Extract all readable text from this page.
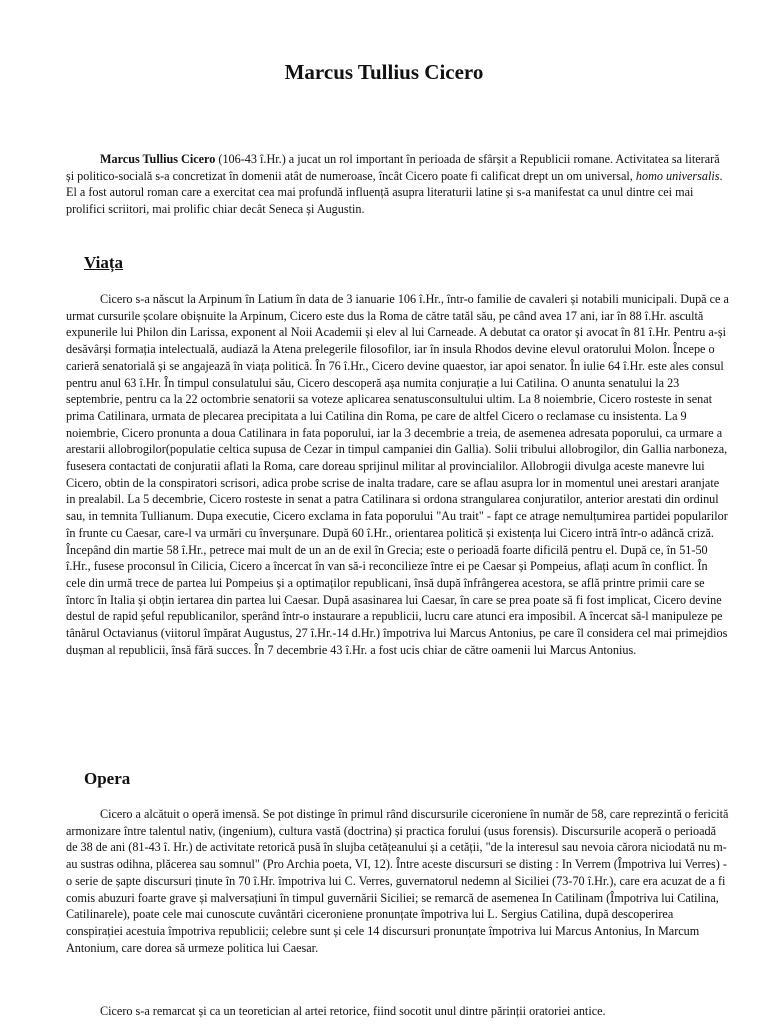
Marcus Tullius Cicero

Marcus Tullius Cicero (106-43 î.Hr.) a jucat un rol important în perioada de sfârșit a Republicii romane. Activitatea sa literară și politico-socială s-a concretizat în domenii atât de numeroase, încât Cicero poate fi calificat drept un om universal, homo universalis. El a fost autorul roman care a exercitat cea mai profundă influență asupra literaturii latine și s-a manifestat ca unul dintre cei mai prolifici scriitori, mai prolific chiar decât Seneca și Augustin.

Viața

Cicero s-a născut la Arpinum în Latium în data de 3 ianuarie 106 î.Hr., într-o familie de cavaleri și notabili municipali. După ce a urmat cursurile școlare obișnuite la Arpinum, Cicero este dus la Roma de către tatăl său, pe când avea 17 ani, iar în 88 î.Hr. ascultă expunerile lui Philon din Larissa, exponent al Noii Academii și elev al lui Carneade. A debutat ca orator și avocat în 81 î.Hr. Pentru a-și desăvârși formația intelectuală, audiază la Atena prelegerile filosofilor, iar în insula Rhodos devine elevul oratorului Molon. Începe o carieră senatorială și se angajează în viața politică. În 76 î.Hr., Cicero devine quaestor, iar apoi senator. În iulie 64 î.Hr. este ales consul pentru anul 63 î.Hr. În timpul consulatului său, Cicero descoperă așa numita conjurație a lui Catilina. O anunta senatului la 23 septembrie, pentru ca la 22 octombrie senatorii sa voteze aplicarea senatusconsultului ultim. La 8 noiembrie, Cicero rosteste in senat prima Catilinara, urmata de plecarea precipitata a lui Catilina din Roma, pe care de altfel Cicero o reclamase cu insistenta. La 9 noiembrie, Cicero pronunta a doua Catilinara in fata poporului, iar la 3 decembrie a treia, de asemenea adresata poporului, ca urmare a arestarii allobrogilor(populatie celtica supusa de Cezar in timpul campaniei din Gallia). Solii tribului allobrogilor, din Gallia narboneza, fusesera contactati de conjuratii aflati la Roma, care doreau sprijinul militar al provincialilor. Allobrogii divulga aceste manevre lui Cicero, obtin de la conspiratori scrisori, adica probe scrise de inalta tradare, care se aflau asupra lor in momentul unei arestari aranjate in prealabil. La 5 decembrie, Cicero rosteste in senat a patra Catilinara si ordona strangularea conjuratilor, anterior arestati din ordinul sau, in temnita Tullianum. Dupa executie, Cicero exclama in fata poporului "Au trait" - fapt ce atrage nemulțumirea partidei popularilor în frunte cu Caesar, care-l va urmări cu înverșunare. După 60 î.Hr., orientarea politică și existența lui Cicero intră într-o adâncă criză. Începând din martie 58 î.Hr., petrece mai mult de un an de exil în Grecia; este o perioadă foarte dificilă pentru el. După ce, în 51-50 î.Hr., fusese proconsul în Cilicia, Cicero a încercat în van să-i reconcilieze între ei pe Caesar și Pompeius, aflați acum în conflict. În cele din urmă trece de partea lui Pompeius și a optimaților republicani, însă după înfrângerea acestora, se află printre primii care se întorc în Italia și obțin iertarea din partea lui Caesar. După asasinarea lui Caesar, în care se prea poate să fi fost implicat, Cicero devine destul de rapid șeful republicanilor, sperând într-o instaurare a republicii, lucru care atunci era imposibil. A încercat să-l manipuleze pe tânărul Octavianus (viitorul împărat Augustus, 27 î.Hr.-14 d.Hr.) împotriva lui Marcus Antonius, pe care îl considera cel mai primejdios dușman al republicii, însă fără succes. În 7 decembrie 43 î.Hr. a fost ucis chiar de către oamenii lui Marcus Antonius.

Opera

Cicero a alcătuit o operă imensă. Se pot distinge în primul rând discursurile ciceroniene în număr de 58, care reprezintă o fericită armonizare între talentul nativ, (ingenium), cultura vastă (doctrina) și practica forului (usus forensis). Discursurile acoperă o perioadă de 38 de ani (81-43 î. Hr.) de activitate retorică pusă în slujba cetățeanului și a cetății, "de la interesul sau nevoia cărora niciodată nu m-au sustras odihna, plăcerea sau somnul" (Pro Archia poeta, VI, 12). Între aceste discursuri se disting : In Verrem (Împotriva lui Verres) - o serie de șapte discursuri ținute în 70 î.Hr. împotriva lui C. Verres, guvernatorul nedemn al Siciliei (73-70 î.Hr.), care era acuzat de a fi comis abuzuri foarte grave și malversațiuni în timpul guvernării Siciliei; se remarcă de asemenea In Catilinam (Împotriva lui Catilina, Catilinarele), poate cele mai cunoscute cuvântări ciceroniene pronunțate împotriva lui L. Sergius Catilina, după descoperirea conspirației acestuia împotriva republicii; celebre sunt și cele 14 discursuri pronunțate împotriva lui Marcus Antonius, In Marcum Antonium, care dorea să urmeze politica lui Caesar.

Cicero s-a remarcat și ca un teoretician al artei retorice, fiind socotit unul dintre părinții oratoriei antice.
